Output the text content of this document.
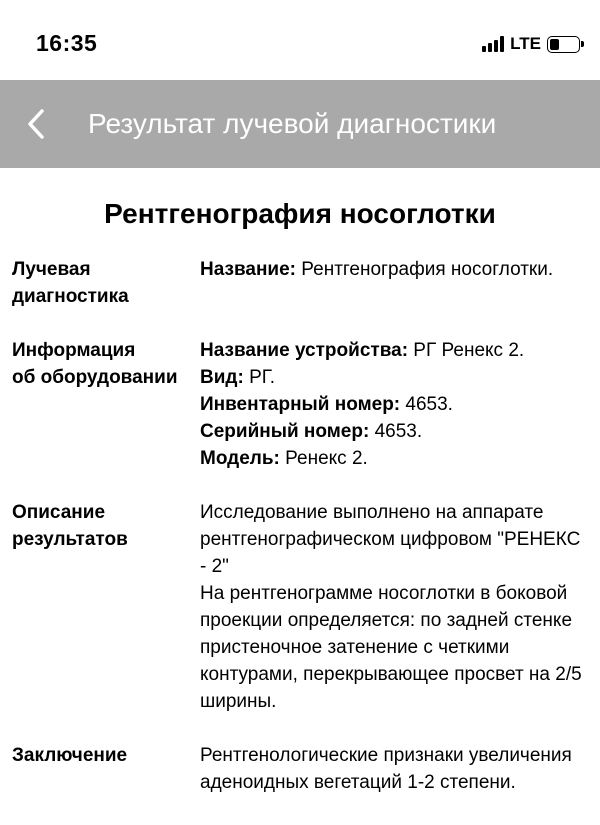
16:35	LTE
Результат лучевой диагностики
Рентгенография носоглотки
Лучевая
диагностика
Название: Рентгенография носоглотки.
Информация
об оборудовании
Название устройства: РГ Ренекс 2.
Вид: РГ.
Инвентарный номер: 4653.
Серийный номер: 4653.
Модель: Ренекс 2.
Описание
результатов
Исследование выполнено на аппарате рентгенографическом цифровом "РЕНЕКС - 2"
На рентгенограмме носоглотки в боковой проекции определяется: по задней стенке пристеночное затенение с четкими контурами, перекрывающее просвет на 2/5 ширины.
Заключение	Рентгенологические признаки увеличения аденоидных вегетаций 1-2 степени.
